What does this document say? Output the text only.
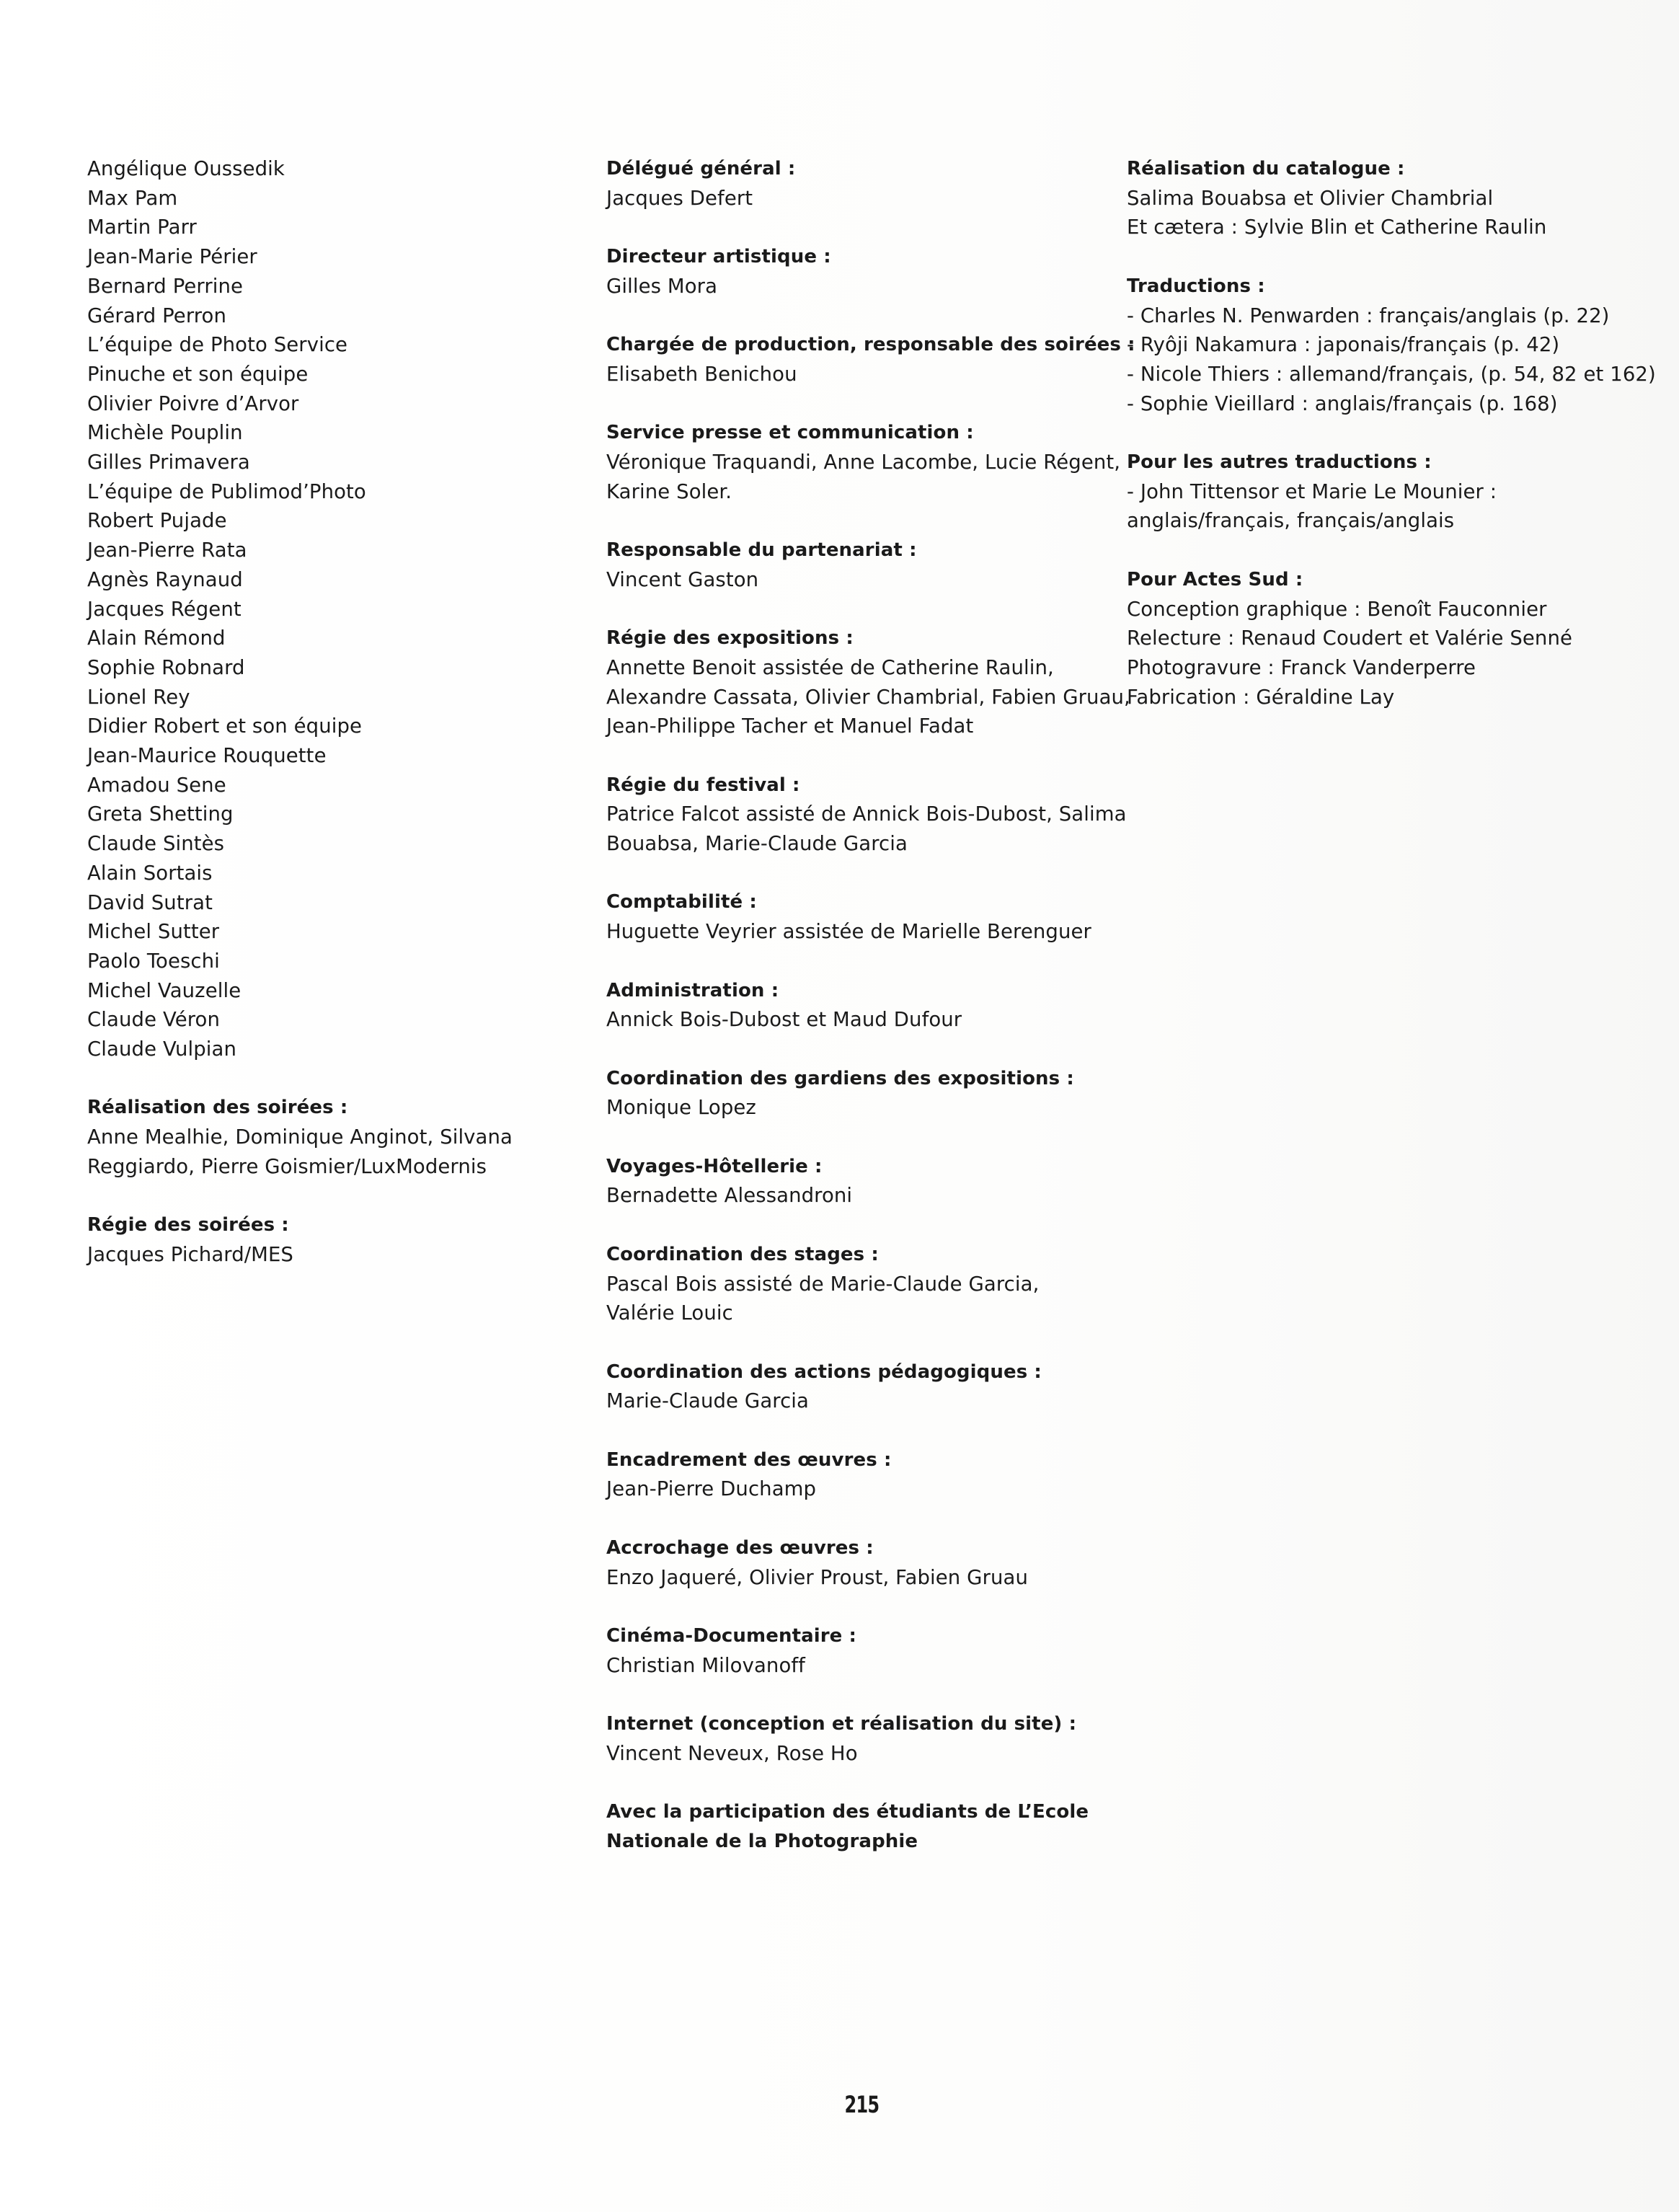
Angélique Oussedik
Max Pam
Martin Parr
Jean-Marie Périer
Bernard Perrine
Gérard Perron
L’équipe de Photo Service
Pinuche et son équipe
Olivier Poivre d’Arvor
Michèle Pouplin
Gilles Primavera
L’équipe de Publimod’Photo
Robert Pujade
Jean-Pierre Rata
Agnès Raynaud
Jacques Régent
Alain Rémond
Sophie Robnard
Lionel Rey
Didier Robert et son équipe
Jean-Maurice Rouquette
Amadou Sene
Greta Shetting
Claude Sintès
Alain Sortais
David Sutrat
Michel Sutter
Paolo Toeschi
Michel Vauzelle
Claude Véron
Claude Vulpian
Réalisation des soirées :
Anne Mealhie, Dominique Anginot, Silvana
Reggiardo, Pierre Goismier/LuxModernis
Régie des soirées :
Jacques Pichard/MES
Délégué général :
Jacques Defert
Directeur artistique :
Gilles Mora
Chargée de production, responsable des soirées :
Elisabeth Benichou
Service presse et communication :
Véronique Traquandi, Anne Lacombe, Lucie Régent,
Karine Soler.
Responsable du partenariat :
Vincent Gaston
Régie des expositions :
Annette Benoit assistée de Catherine Raulin,
Alexandre Cassata, Olivier Chambrial, Fabien Gruau,
Jean-Philippe Tacher et Manuel Fadat
Régie du festival :
Patrice Falcot assisté de Annick Bois-Dubost, Salima
Bouabsa, Marie-Claude Garcia
Comptabilité :
Huguette Veyrier assistée de Marielle Berenguer
Administration :
Annick Bois-Dubost et Maud Dufour
Coordination des gardiens des expositions :
Monique Lopez
Voyages-Hôtellerie :
Bernadette Alessandroni
Coordination des stages :
Pascal Bois assisté de Marie-Claude Garcia,
Valérie Louic
Coordination des actions pédagogiques :
Marie-Claude Garcia
Encadrement des œuvres :
Jean-Pierre Duchamp
Accrochage des œuvres :
Enzo Jaqueré, Olivier Proust, Fabien Gruau
Cinéma-Documentaire :
Christian Milovanoff
Internet (conception et réalisation du site) :
Vincent Neveux, Rose Ho
Avec la participation des étudiants de L’Ecole
Nationale de la Photographie
Réalisation du catalogue :
Salima Bouabsa et Olivier Chambrial
Et cætera : Sylvie Blin et Catherine Raulin
Traductions :
- Charles N. Penwarden : français/anglais (p. 22)
- Ryôji Nakamura : japonais/français (p. 42)
- Nicole Thiers : allemand/français, (p. 54, 82 et 162)
- Sophie Vieillard : anglais/français (p. 168)
Pour les autres traductions :
- John Tittensor et Marie Le Mounier :
anglais/français, français/anglais
Pour Actes Sud :
Conception graphique : Benoît Fauconnier
Relecture : Renaud Coudert et Valérie Senné
Photogravure : Franck Vanderperre
Fabrication : Géraldine Lay
215
